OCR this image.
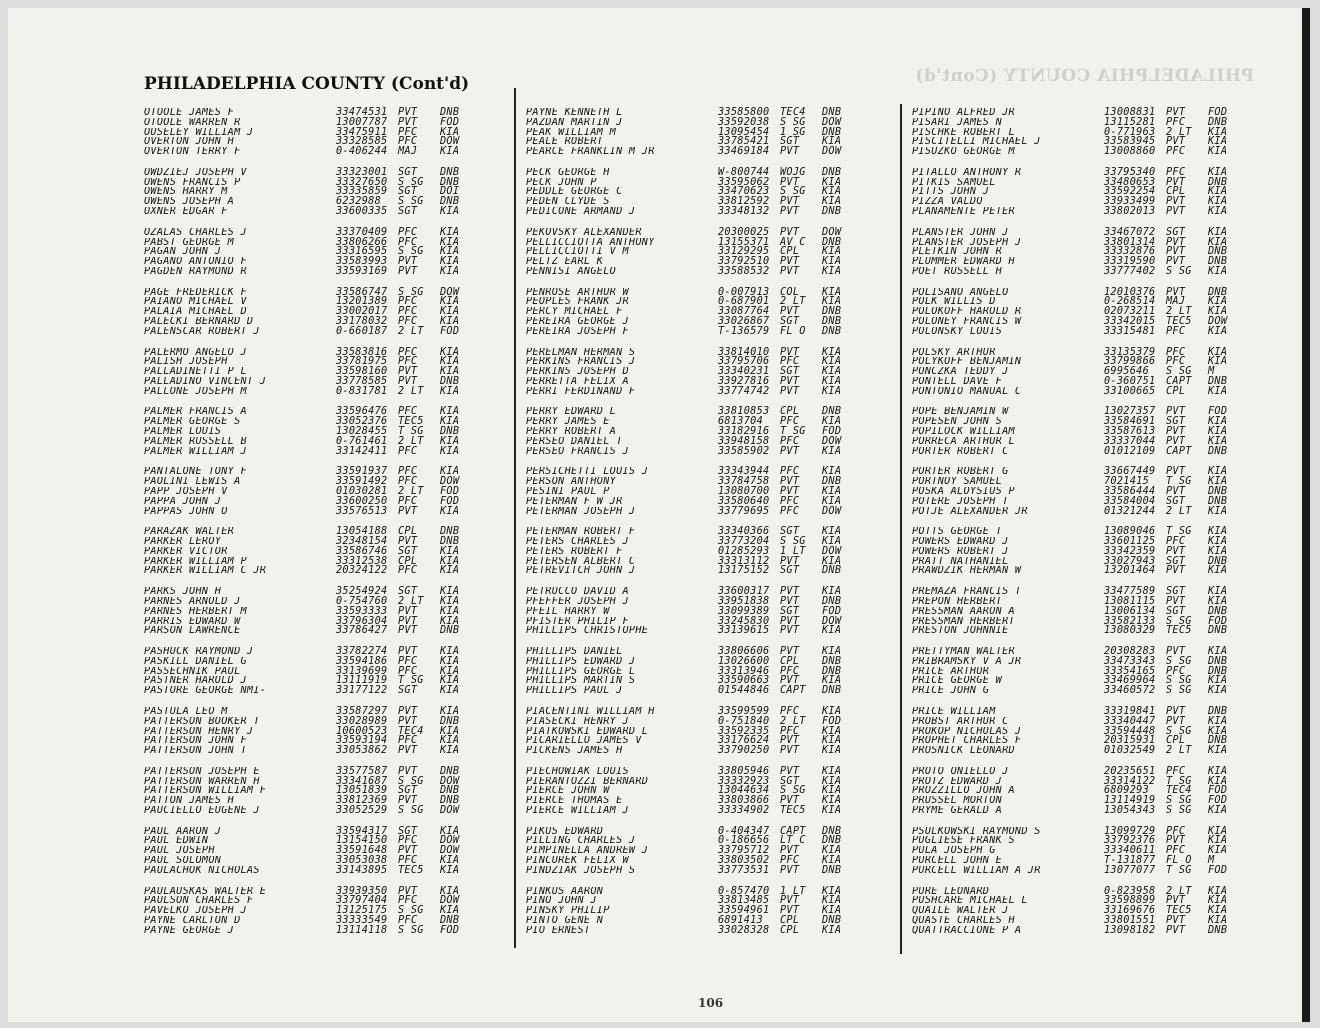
PHILADELPHIA COUNTY (Cont'd)
PHILADELPHIA COUNTY (Cont'd)
OTOOLE JAMES F	33474531	PVT	DNB
OTOOLE WARREN R	13007787	PVT	FOD
OUSELEY WILLIAM J	33475911	PFC	KIA
OVERTON JOHN H	33328585	PFC	DOW
OVERTON TERRY F	0-406244	MAJ	KIA
OWDZIEJ JOSEPH V	33323001	SGT	DNB
OWENS FRANCIS P	33327650	S SG	DNB
OWENS HARRY M	33335859	SGT	DOI
OWENS JOSEPH A	6232988	S SG	DNB
OXNER EDGAR F	33600335	SGT	KIA
OZALAS CHARLES J	33370409	PFC	KIA
PABST GEORGE M	33806266	PFC	KIA
PAGAN JOHN J	33316595	S SG	KIA
PAGANO ANTONIO F	33583993	PVT	KIA
PAGDEN RAYMOND R	33593169	PVT	KIA
PAGE FREDERICK F	33586747	S SG	DOW
PAIANO MICHAEL V	13201389	PFC	KIA
PALAIA MICHAEL D	33002017	PFC	KIA
PALECKI BERNARD D	33178032	PFC	KIA
PALENSCAR ROBERT J	0-660187	2 LT	FOD
PALERMO ANGELO J	33583816	PFC	KIA
PALISH JOSEPH	33781975	PFC	KIA
PALLADINETTI P L	33598160	PVT	KIA
PALLADINO VINCENT J	33778585	PVT	DNB
PALLONE JOSEPH M	0-831781	2 LT	KIA
PALMER FRANCIS A	33596476	PFC	KIA
PALMER GEORGE S	33052376	TEC5	KIA
PALMER LOUIS	13028455	T SG	DNB
PALMER RUSSELL B	0-761461	2 LT	KIA
PALMER WILLIAM J	33142411	PFC	KIA
PANTALONE TONY F	33591937	PFC	KIA
PAOLINI LEWIS A	33591492	PFC	DOW
PAPP JOSEPH V	01030281	2 LT	FOD
PAPPA JOHN J	33600250	PFC	FOD
PAPPAS JOHN O	33576513	PVT	KIA
PARAZAK WALTER	13054188	CPL	DNB
PARKER LEROY	32348154	PVT	DNB
PARKER VICTOR	33586746	SGT	KIA
PARKER WILLIAM P	33312538	CPL	KIA
PARKER WILLIAM C JR	20324122	PFC	KIA
PARKS JOHN H	35254924	SGT	KIA
PARNES ARNOLD J	0-754760	2 LT	KIA
PARNES HERBERT M	33593333	PVT	KIA
PARRIS EDWARD W	33796304	PVT	KIA
PARSON LAWRENCE	33786427	PVT	DNB
PASHUCK RAYMOND J	33782274	PVT	KIA
PASKILL DANIEL G	33594186	PFC	KIA
PASSECHNIK PAUL	33139699	PFC	KIA
PASTNER HAROLD J	13111919	T SG	KIA
PASTORE GEORGE NMI-	33177122	SGT	KIA
PASTULA LEO M	33587297	PVT	KIA
PATTERSON BOOKER T	33028989	PVT	DNB
PATTERSON HENRY J	10600523	TEC4	KIA
PATTERSON JOHN F	33593194	PFC	KIA
PATTERSON JOHN T	33053862	PVT	KIA
PATTERSON JOSEPH E	33577587	PVT	DNB
PATTERSON WARREN H	33341687	S SG	DOW
PATTERSON WILLIAM F	13051839	SGT	DNB
PATTON JAMES H	33812369	PVT	DNB
PAUCIELLO EUGENE J	33052529	S SG	DOW
PAUL AARON J	33594317	SGT	KIA
PAUL EDWIN	13154150	PFC	DOW
PAUL JOSEPH	33591648	PVT	DOW
PAUL SOLOMON	33053038	PFC	KIA
PAULACHOK NICHOLAS	33143895	TEC5	KIA
PAULAUSKAS WALTER E	33939350	PVT	KIA
PAULSON CHARLES F	33797404	PFC	DOW
PAVELKO JOSEPH J	13125175	S SG	KIA
PAYNE CARLTON D	33333549	PFC	DNB
PAYNE GEORGE J	13114118	S SG	FOD
PAYNE KENNETH L	33585800	TEC4	DNB
PAZDAN MARTIN J	33592038	S SG	DOW
PEAK WILLIAM M	13095454	1 SG	DNB
PEALE ROBERT	33785421	SGT	KIA
PEARCE FRANKLIN M JR	33469184	PVT	DOW
PECK GEORGE H	W-800744	WOJG	DNB
PECK JOHN P	33595062	PVT	KIA
PEDDLE GEORGE C	33470623	S SG	KIA
PEDEN CLYDE S	33812592	PVT	KIA
PEDICONE ARMAND J	33348132	PVT	DNB
PEKOVSKY ALEXANDER	20300025	PVT	DOW
PELLICCIOTTA ANTHONY	13155371	AV C	DNB
PELLICCIOTTI V M	33129295	CPL	KIA
PELTZ EARL K	33792510	PVT	KIA
PENNISI ANGELO	33588532	PVT	KIA
PENROSE ARTHUR W	0-007913	COL	KIA
PEOPLES FRANK JR	0-687901	2 LT	KIA
PERCY MICHAEL F	33087764	PVT	DNB
PEREIRA GEORGE J	33026867	SGT	DNB
PEREIRA JOSEPH F	T-136579	FL O	DNB
PERELMAN HERMAN S	33814010	PVT	KIA
PERKINS FRANCIS J	33795706	PFC	KIA
PERKINS JOSEPH D	33340231	SGT	KIA
PERRETTA FELIX A	33927816	PVT	KIA
PERRI FERDINAND F	33774742	PVT	KIA
PERRY EDWARD L	33810853	CPL	DNB
PERRY JAMES E	6813704	PFC	KIA
PERRY ROBERT A	33182916	T SG	FOD
PERSEO DANIEL T	33948158	PFC	DOW
PERSEO FRANCIS J	33585902	PVT	KIA
PERSICHETTI LOUIS J	33343944	PFC	KIA
PERSON ANTHONY	33784758	PVT	DNB
PESINI PAUL P	13080700	PVT	KIA
PETERMAN F W JR	33580640	PFC	KIA
PETERMAN JOSEPH J	33779695	PFC	DOW
PETERMAN ROBERT F	33340366	SGT	KIA
PETERS CHARLES J	33773204	S SG	KIA
PETERS ROBERT F	01285293	1 LT	DOW
PETERSEN ALBERT C	33313112	PVT	KIA
PETREVITCH JOHN J	13175152	SGT	DNB
PETRUCCO DAVID A	33600317	PVT	KIA
PFEFFER JOSEPH J	33951838	PVT	DNB
PFEIL HARRY W	33099389	SGT	FOD
PFISTER PHILIP F	33245830	PVT	DOW
PHILLIPS CHRISTOPHE	33139615	PVT	KIA
PHILLIPS DANIEL	33806606	PVT	KIA
PHILLIPS EDWARD J	13026600	CPL	DNB
PHILLIPS GEORGE L	33313946	PFC	DNB
PHILLIPS MARTIN S	33590663	PVT	KIA
PHILLIPS PAUL J	01544846	CAPT	DNB
PIACENTINI WILLIAM H	33599599	PFC	KIA
PIASECKI HENRY J	0-751840	2 LT	FOD
PIATKOWSKI EDWARD L	33592335	PFC	KIA
PICARIELLO JAMES V	33176624	PVT	KIA
PICKENS JAMES H	33790250	PVT	KIA
PIECHOWIAK LOUIS	33805946	PVT	KIA
PIERANTOZZI BERNARD	33332923	SGT	KIA
PIERCE JOHN W	13044634	S SG	KIA
PIERCE THOMAS E	33803866	PVT	KIA
PIERCE WILLIAM J	33334902	TEC5	KIA
PIKUS EDWARD	0-404347	CAPT	DNB
PILLING CHARLES J	0-186656	LT C	DNB
PIMPINELLA ANDREW J	33795712	PVT	KIA
PINCUREK FELIX W	33803502	PFC	KIA
PINDZIAK JOSEPH S	33773531	PVT	DNB
PINKUS AARON	0-857470	1 LT	KIA
PINO JOHN J	33813485	PVT	KIA
PINSKY PHILIP	33594961	PVT	KIA
PINTO GENE N	6891413	CPL	DNB
PIO ERNEST	33028328	CPL	KIA
PIPINO ALFRED JR	13008831	PVT	FOD
PISARI JAMES N	13115281	PFC	DNB
PISCHKE ROBERT L	0-771963	2 LT	KIA
PISCITELLI MICHAEL J	33583945	PVT	KIA
PISUZKO GEORGE M	13008860	PFC	KIA
PITALLO ANTHONY R	33795340	PFC	KIA
PITKIS SAMUEL	33480653	PVT	DNB
PITTS JOHN J	33592254	CPL	KIA
PIZZA VALDO	33933499	PVT	KIA
PLANAMENTE PETER	33802013	PVT	KIA
PLANSTER JOHN J	33467072	SGT	KIA
PLANSTER JOSEPH J	33801314	PVT	KIA
PLETKIN JOHN R	33332876	PVT	DNB
PLUMMER EDWARD H	33319590	PVT	DNB
POET RUSSELL H	33777402	S SG	KIA
POLISANO ANGELO	12010376	PVT	DNB
POLK WILLIS D	0-268514	MAJ	KIA
POLOKOFF HAROLD R	02073211	2 LT	KIA
POLONEY FRANCIS W	33342015	TEC5	DOW
POLONSKY LOUIS	33315481	PFC	KIA
POLSKY ARTHUR	33135379	PFC	KIA
POLYKOFF BENJAMIN	33799866	PFC	KIA
PONCZKA TEDDY J	6995646	S SG	M
PONTELL DAVE F	0-360751	CAPT	DNB
PONTONIO MANUAL C	33100665	CPL	KIA
POPE BENJAMIN W	13027357	PVT	FOD
POPESEN JOHN S	33584691	SGT	KIA
POPILOCK WILLIAM	33587613	PVT	KIA
PORRECA ARTHUR L	33337044	PVT	KIA
PORTER ROBERT C	01012109	CAPT	DNB
PORTER ROBERT G	33667449	PVT	KIA
PORTNOY SAMUEL	7021415	T SG	KIA
POSKA ALOYSIUS P	33586444	PVT	DNB
POTERE JOSEPH T	33584004	SGT	DNB
POTJE ALEXANDER JR	01321244	2 LT	KIA
POTTS GEORGE T	13089046	T SG	KIA
POWERS EDWARD J	33601125	PFC	KIA
POWERS ROBERT J	33342359	PVT	KIA
PRATT NATHANIEL	33027943	SGT	DNB
PRAWDZIK HERMAN W	13201464	PVT	KIA
PREMAZA FRANCIS T	33477589	SGT	KIA
PREPON HERBERT	13081115	PVT	KIA
PRESSMAN AARON A	13006134	SGT	DNB
PRESSMAN HERBERT	33582133	S SG	FOD
PRESTON JOHNNIE	13080329	TEC5	DNB
PRETTYMAN WALTER	20308283	PVT	KIA
PRIBRAMSKY V A JR	33473343	S SG	DNB
PRICE ARTHUR	33354165	PFC	DNB
PRICE GEORGE W	33469964	S SG	KIA
PRICE JOHN G	33460572	S SG	KIA
PRICE WILLIAM	33319841	PVT	DNB
PROBST ARTHUR C	33340447	PVT	KIA
PROKOP NICHOLAS J	33594448	S SG	KIA
PROPHET CHARLES F	20315931	CPL	DNB
PROSNICK LEONARD	01032549	2 LT	KIA
PROTO ONIELLO J	20235651	PFC	KIA
PROTZ EDWARD J	33314122	T SG	KIA
PROZZILLO JOHN A	6809293	TEC4	FOD
PRUSSEL MORTON	13114919	S SG	FOD
PRYME GERALD A	13054343	S SG	KIA
PSULKOWSKI RAYMOND S	13099729	PFC	KIA
PUGLIESE FRANK S	33792376	PVT	KIA
PULA JOSEPH G	33340611	PFC	KIA
PURCELL JOHN E	T-131877	FL O	M
PURCELL WILLIAM A JR	13077077	T SG	FOD
PURE LEONARD	0-823958	2 LT	KIA
PUSHCARE MICHAEL L	33598899	PVT	KIA
QUAILE WALTER J	33169676	TEC5	KIA
QUASTE CHARLES H	33801551	PVT	KIA
QUATTRACCIONE P A	13098182	PVT	DNB
106
